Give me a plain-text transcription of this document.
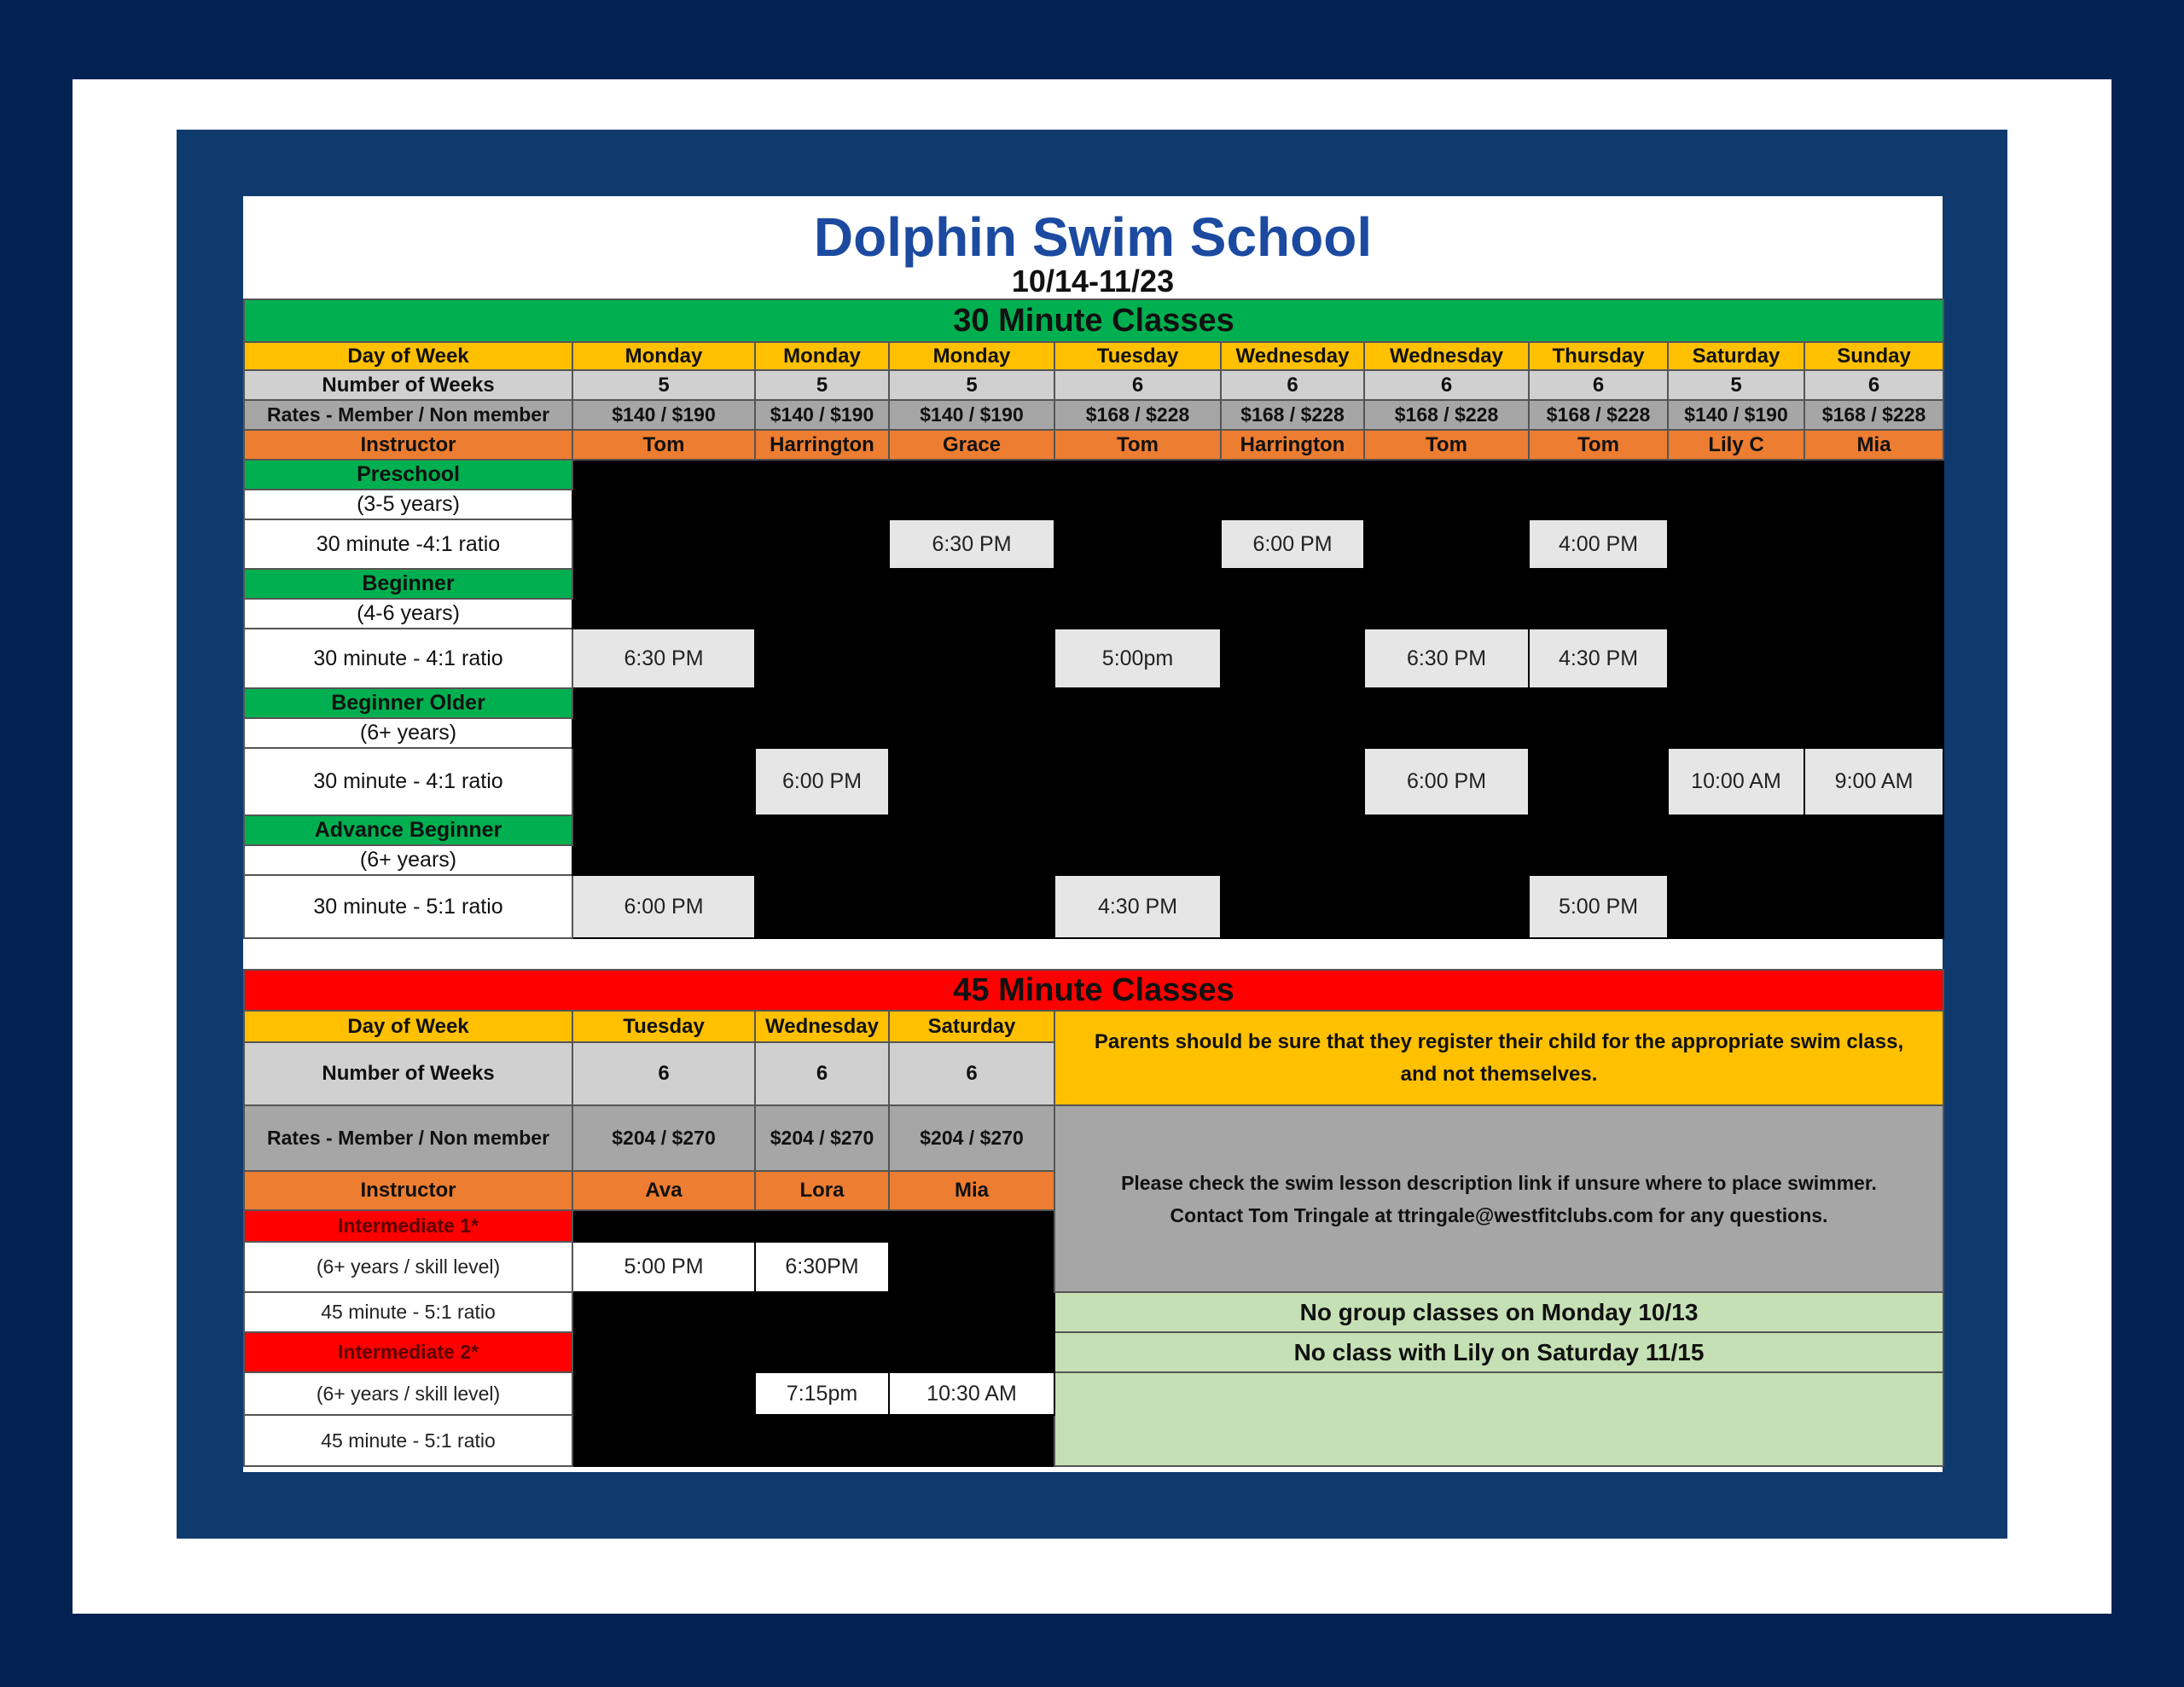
Dolphin Swim School
10/14-11/23
30 Minute Classes									
Day of Week	Monday	Monday	Monday	Tuesday	Wednesday	Wednesday	Thursday	Saturday	Sunday
Number of Weeks	5	5	5	6	6	6	6	5	6
Rates - Member / Non member	$140 / $190	$140 / $190	$140 / $190	$168 / $228	$168 / $228	$168 / $228	$168 / $228	$140 / $190	$168 / $228
Instructor	Tom	Harrington	Grace	Tom	Harrington	Tom	Tom	Lily C	Mia
Preschool									
(3-5 years)									
30 minute -4:1 ratio			6:30 PM		6:00 PM		4:00 PM		
Beginner									
(4-6 years)									
30 minute - 4:1 ratio	6:30 PM			5:00pm		6:30 PM	4:30 PM		
Beginner Older									
(6+ years)									
30 minute - 4:1 ratio		6:00 PM				6:00 PM		10:00 AM	9:00 AM
Advance Beginner									
(6+ years)									
30 minute - 5:1 ratio	6:00 PM			4:30 PM			5:00 PM		
45 Minute Classes				
Day of Week	Tuesday	Wednesday	Saturday	Parents should be sure that they register their child for the appropriate swim class, and not themselves.
Number of Weeks	6	6	6	
Rates - Member / Non member	$204 / $270	$204 / $270	$204 / $270	Please check the swim lesson description link if unsure where to place swimmer. Contact Tom Tringale at ttringale@westfitclubs.com for any questions.
Instructor	Ava	Lora	Mia	
Intermediate 1*				
(6+ years / skill level)	5:00 PM	6:30PM		
45 minute - 5:1 ratio				No group classes on Monday 10/13
Intermediate 2*				No class with Lily on Saturday 11/15
(6+ years / skill level)		7:15pm	10:30 AM	
45 minute - 5:1 ratio				
